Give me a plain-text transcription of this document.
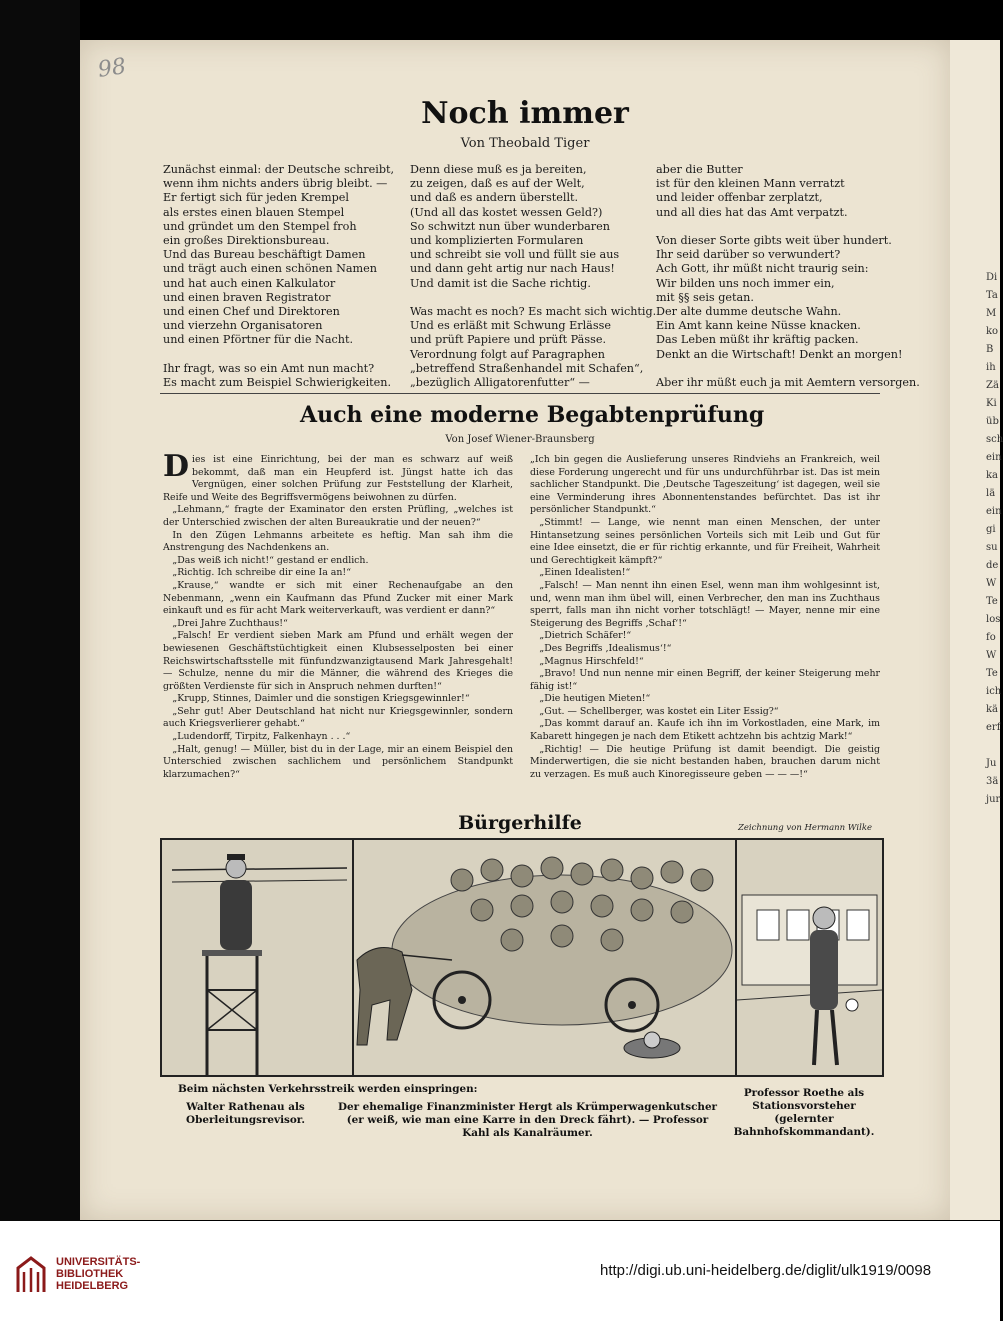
Di
Ta
M
ko
B
ih
Zä
Ki
üb
sch
ein
ka
lä
ein
gi
su
de
W
Te
los
fo
W
Te
ich
kä
erf
Ju
3ä
jur
98
Noch immer
Von Theobald Tiger
Zunächst einmal: der Deutsche schreibt,
wenn ihm nichts anders übrig bleibt. —
Er fertigt sich für jeden Krempel
als erstes einen blauen Stempel
und gründet um den Stempel froh
ein großes Direktionsbureau.
Und das Bureau beschäftigt Damen
und trägt auch einen schönen Namen
und hat auch einen Kalkulator
und einen braven Registrator
und einen Chef und Direktoren
und vierzehn Organisatoren
und einen Pförtner für die Nacht.

Ihr fragt, was so ein Amt nun macht?
Es macht zum Beispiel Schwierigkeiten.
Denn diese muß es ja bereiten,
zu zeigen, daß es auf der Welt,
und daß es andern überstellt.
(Und all das kostet wessen Geld?)
So schwitzt nun über wunderbaren
und komplizierten Formularen
und schreibt sie voll und füllt sie aus
und dann geht artig nur nach Haus!
Und damit ist die Sache richtig.

Was macht es noch? Es macht sich wichtig.
Und es erläßt mit Schwung Erlässe
und prüft Papiere und prüft Pässe.
Verordnung folgt auf Paragraphen
„betreffend Straßenhandel mit Schafen“,
„bezüglich Alligatorenfutter“ —
aber die Butter
ist für den kleinen Mann verratzt
und leider offenbar zerplatzt,
und all dies hat das Amt verpatzt.

Von dieser Sorte gibts weit über hundert.
Ihr seid darüber so verwundert?
Ach Gott, ihr müßt nicht traurig sein:
Wir bilden uns noch immer ein,
mit §§ seis getan.
Der alte dumme deutsche Wahn.
Ein Amt kann keine Nüsse knacken.
Das Leben müßt ihr kräftig packen.
Denkt an die Wirtschaft! Denkt an morgen!

Aber ihr müßt euch ja mit Aemtern
Auch eine moderne Begabtenprüfung
Von Josef Wiener-Braunsberg

Dies ist eine Einrichtung, bei der man es schwarz auf weiß bekommt, daß man ein Heupferd ist. Jüngst hatte ich das Vergnügen, einer solchen Prüfung zur Feststellung der Klarheit, Reife und Weite des Begriffsvermögens beiwohnen zu dürfen.

„Lehmann,“ fragte der Examinator den ersten Prüfling, „welches ist der Unterschied zwischen der alten Bureaukratie und der neuen?“

In den Zügen Lehmanns arbeitete es heftig. Man sah ihm die Anstrengung des Nachdenkens an.

„Das weiß ich nicht!“ gestand er endlich.

„Richtig. Ich schreibe dir eine Ia an!“

„Krause,“ wandte er sich mit einer Rechenaufgabe an den Nebenmann, „wenn ein Kaufmann das Pfund Zucker mit einer Mark einkauft und es für acht Mark weiterverkauft, was verdient er dann?“

„Drei Jahre Zuchthaus!“

„Falsch! Er verdient sieben Mark am Pfund und erhält wegen der bewiesenen Geschäftstüchtigkeit einen Klubsesselposten bei einer Reichswirtschaftsstelle mit fünfundzwanzigtausend Mark Jahresgehalt! — Schulze, nenne du mir die Männer, die während des Krieges die größten Verdienste für sich in Anspruch nehmen durften!“

„Krupp, Stinnes, Daimler und die sonstigen Kriegsgewinnler!“

„Sehr gut! Aber Deutschland hat nicht nur Kriegsgewinnler, sondern auch Kriegsverlierer gehabt.“

„Ludendorff, Tirpitz, Falkenhayn . . .“

„Halt, genug! — Müller, bist du in der Lage, mir an einem Beispiel den Unterschied zwischen sachlichem und persönlichem Standpunkt klarzumachen?“

„Ich bin gegen die Auslieferung unseres Rindviehs an Frankreich, weil diese Forderung ungerecht und für uns undurchführbar ist. Das ist mein sachlicher Standpunkt. Die ‚Deutsche Tageszeitung‘ ist dagegen, weil sie eine Verminderung ihres Abonnentenstandes befürchtet. Das ist ihr persönlicher Standpunkt.“

„Stimmt! — Lange, wie nennt man einen Menschen, der unter Hintansetzung seines persönlichen Vorteils sich mit Leib und Gut für eine Idee einsetzt, die er für richtig erkannte, und für Freiheit, Wahrheit und Gerechtigkeit kämpft?“

„Einen Idealisten!“

„Falsch! — Man nennt ihn einen Esel, wenn man ihm wohlgesinnt ist, und, wenn man ihm übel will, einen Verbrecher, den man ins Zuchthaus sperrt, falls man ihn nicht vorher totschlägt! — Mayer, nenne mir eine Steigerung des Begriffs ‚Schaf‘!“

„Dietrich Schäfer!“

„Des Begriffs ‚Idealismus‘!“

„Magnus Hirschfeld!“

„Bravo! Und nun nenne mir einen Begriff, der keiner Steigerung mehr fähig ist!“

„Die heutigen Mieten!“

„Gut. — Schellberger, was kostet ein Liter Essig?“

„Das kommt darauf an. Kaufe ich ihn im Vorkostladen, eine Mark, im Kabarett hingegen je nach dem Etikett achtzehn bis achtzig Mark!“

„Richtig! — Die heutige Prüfung ist damit beendigt. Die geistig Minderwertigen, die sie nicht bestanden haben, brauchen darum nicht zu verzagen. Es muß auch Kinoregisseure geben — — —!“

Bürgerhilfe	Zeichnung von Hermann Wilke
Beim nächsten Verkehrsstreik werden einspringen:
Walter Rathenau als Oberleitungsrevisor.
Der ehemalige Finanzminister Hergt als Krümperwagenkutscher (er weiß, wie man eine Karre in den Dreck fährt). — Professor Kahl als Kanalräumer.
Professor Roethe als Stationsvorsteher (gelernter Bahnhofskommandant).
UNIVERSITÄTS-
BIBLIOTHEK
HEIDELBERG
http://digi.ub.uni-heidelberg.de/diglit/ulk1919/0098
